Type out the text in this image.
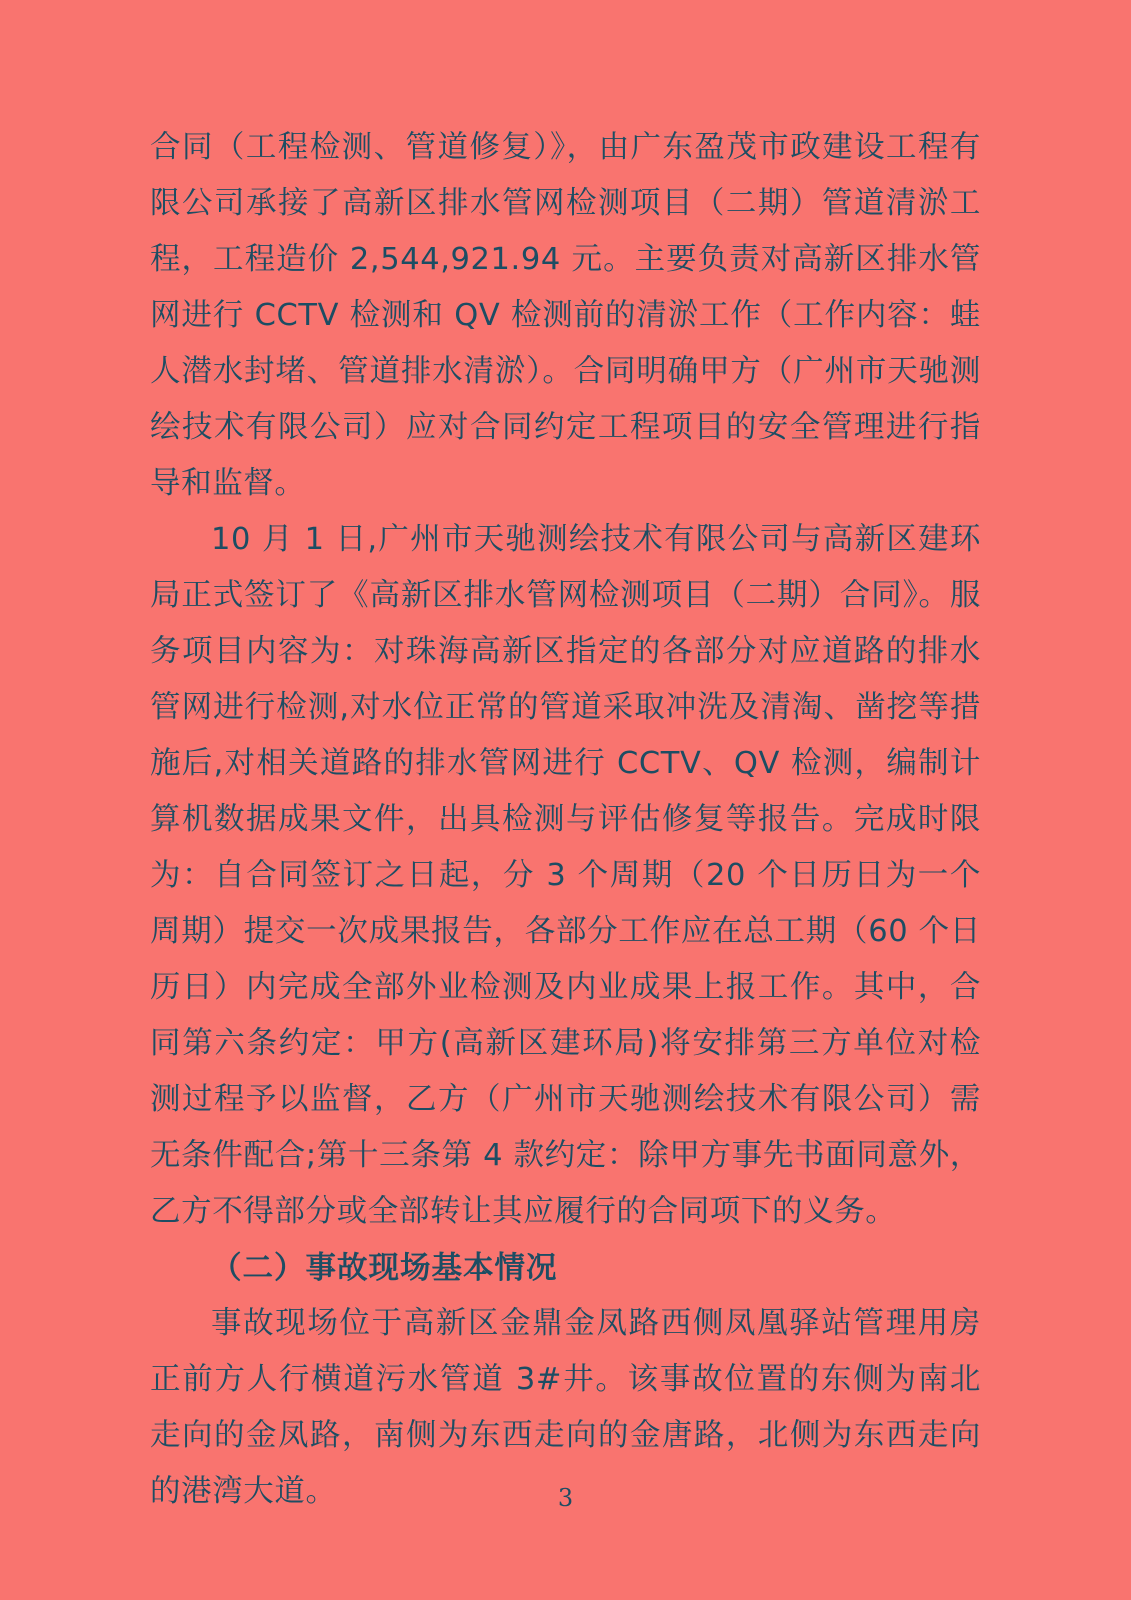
合同（工程检测、管道修复）》，由广东盈茂市政建设工程有限公司承接了高新区排水管网检测项目（二期）管道清淤工程，工程造价 2,544,921.94 元。主要负责对高新区排水管网进行 CCTV 检测和 QV 检测前的清淤工作（工作内容：蛙人潜水封堵、管道排水清淤）。合同明确甲方（广州市天驰测绘技术有限公司）应对合同约定工程项目的安全管理进行指导和监督。

10 月 1 日,广州市天驰测绘技术有限公司与高新区建环局正式签订了《高新区排水管网检测项目（二期）合同》。服务项目内容为：对珠海高新区指定的各部分对应道路的排水管网进行检测,对水位正常的管道采取冲洗及清淘、凿挖等措施后,对相关道路的排水管网进行 CCTV、QV 检测，编制计算机数据成果文件，出具检测与评估修复等报告。完成时限为：自合同签订之日起，分 3 个周期（20 个日历日为一个周期）提交一次成果报告，各部分工作应在总工期（60 个日历日）内完成全部外业检测及内业成果上报工作。其中，合同第六条约定：甲方(高新区建环局)将安排第三方单位对检测过程予以监督，乙方（广州市天驰测绘技术有限公司）需无条件配合;第十三条第 4 款约定：除甲方事先书面同意外，乙方不得部分或全部转让其应履行的合同项下的义务。

（二）事故现场基本情况

事故现场位于高新区金鼎金凤路西侧凤凰驿站管理用房正前方人行横道污水管道 3#井。该事故位置的东侧为南北走向的金凤路，南侧为东西走向的金唐路，北侧为东西走向的港湾大道。	3
